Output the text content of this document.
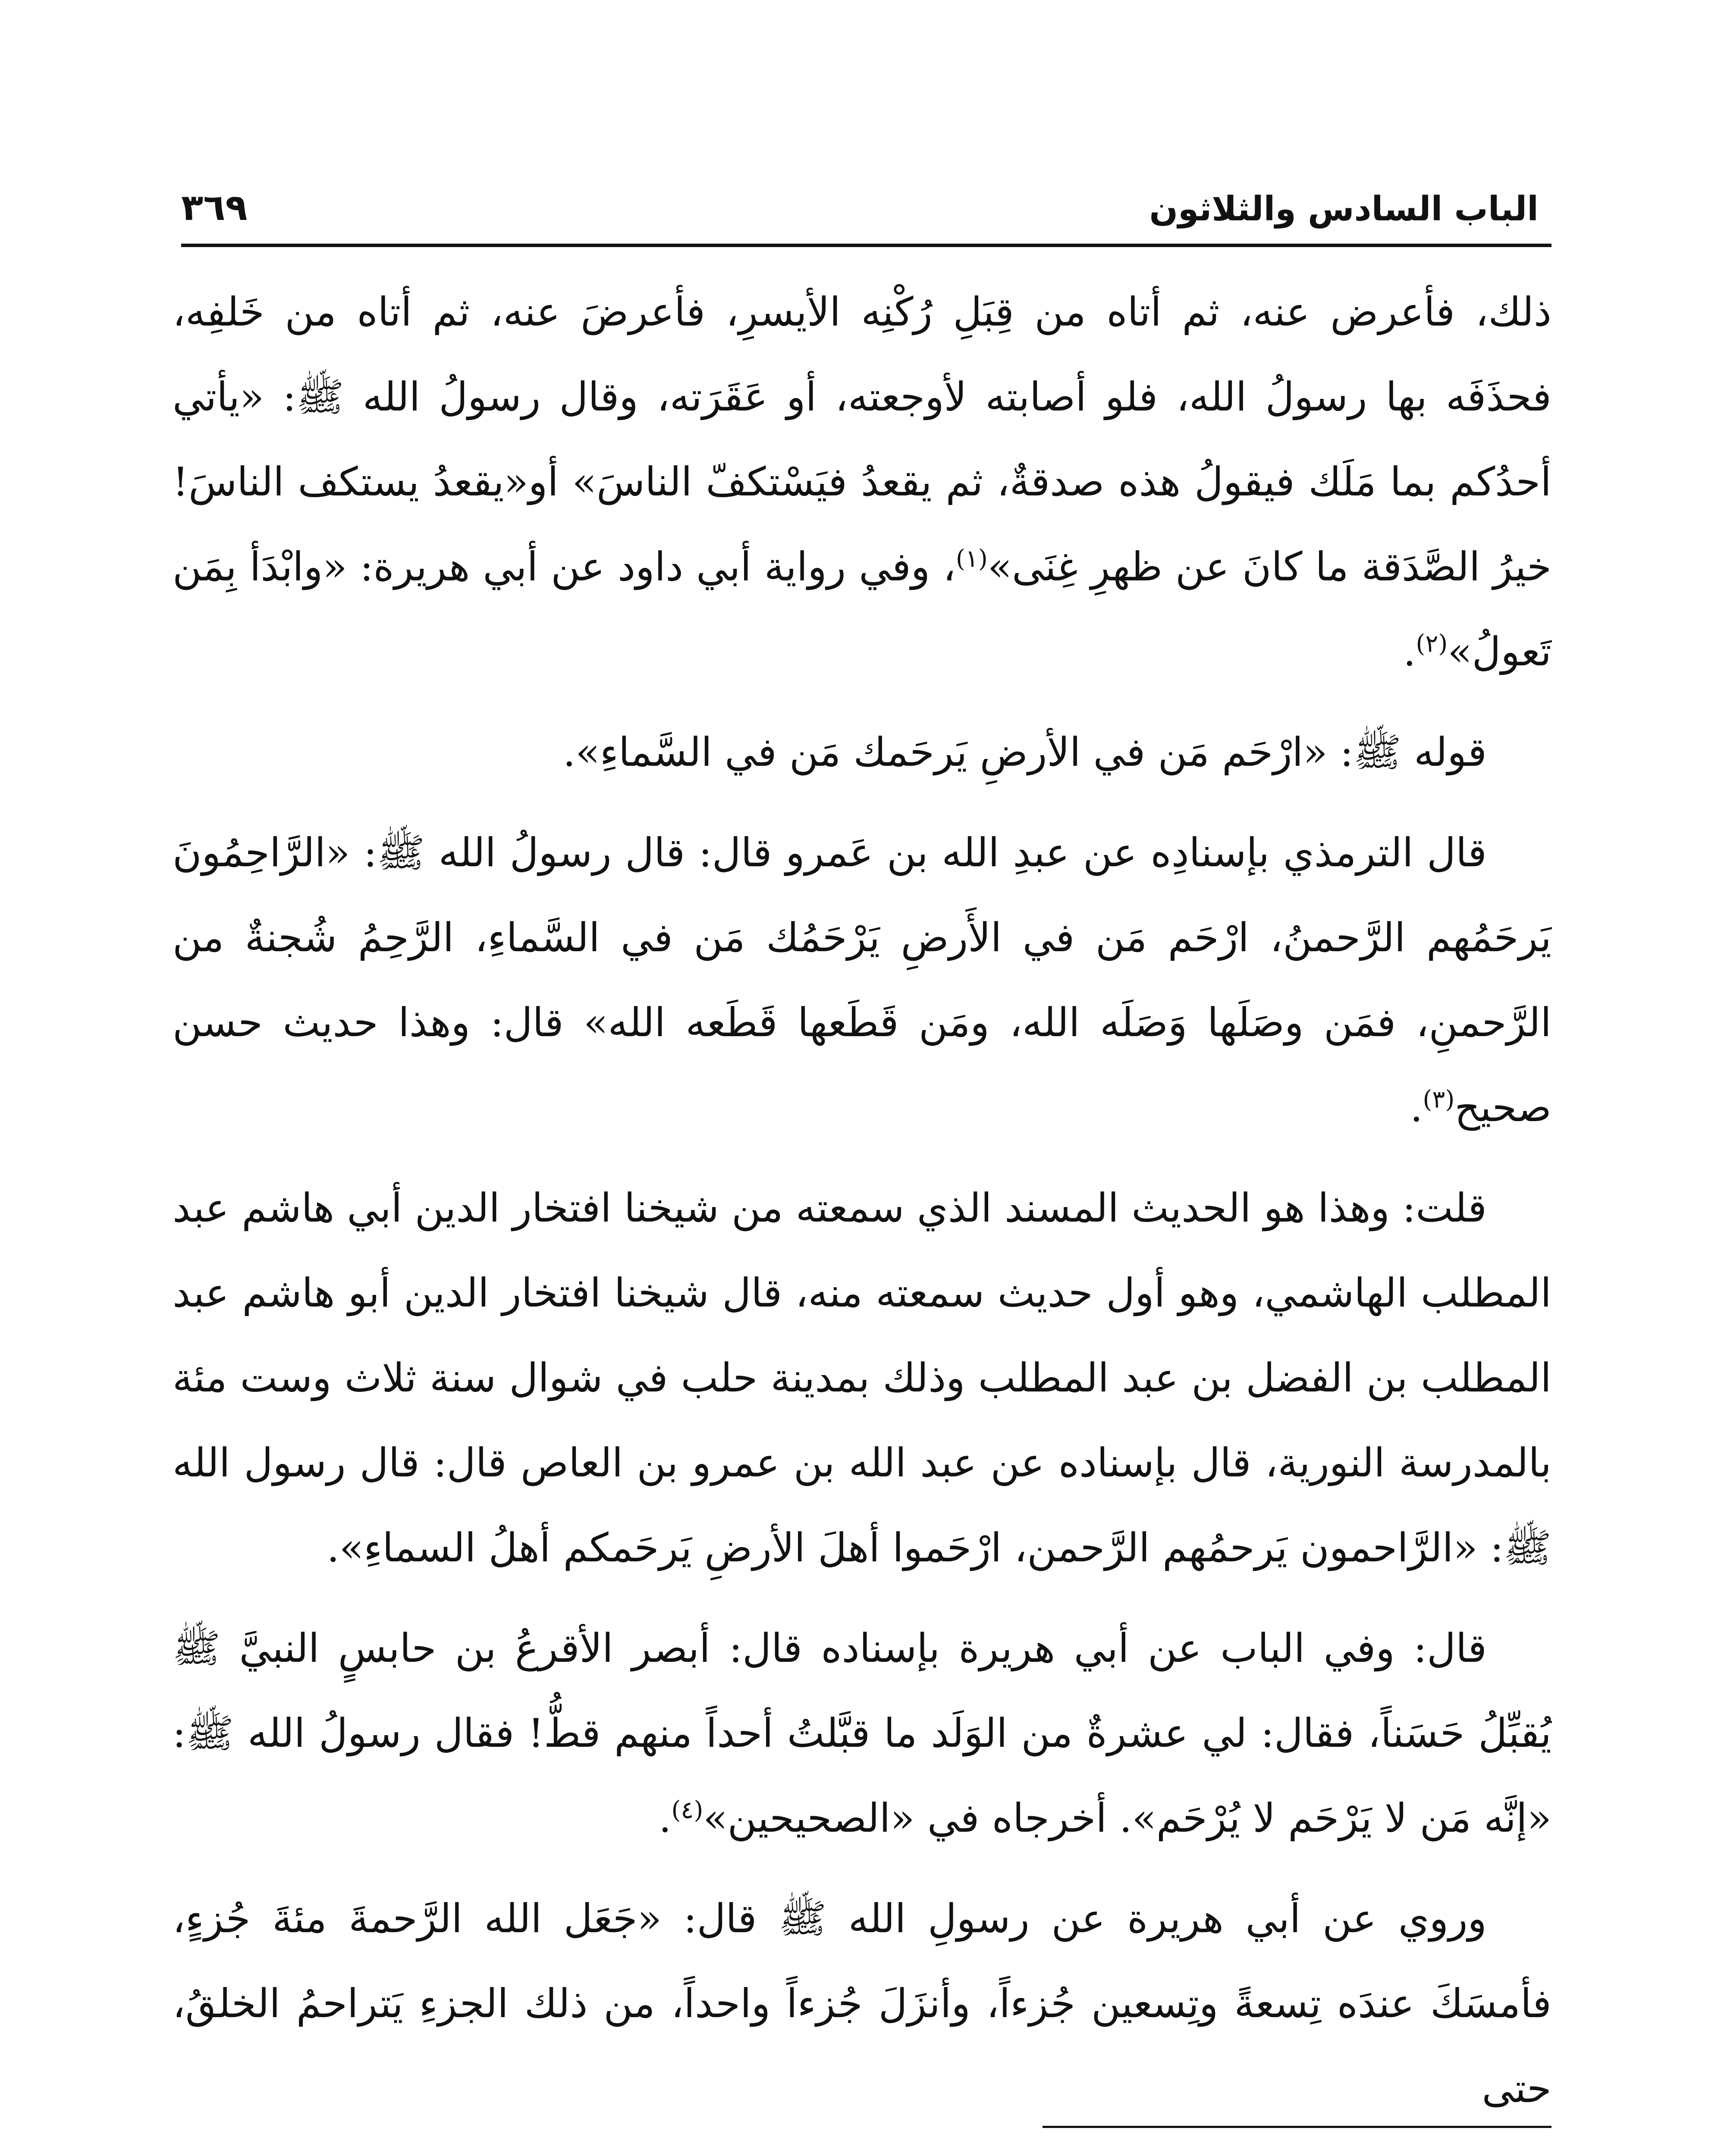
الباب السادس والثلاثون
٣٦٩

ذلك، فأعرض عنه، ثم أتاه من قِبَلِ رُكْنِه الأيسرِ، فأعرضَ عنه، ثم أتاه من خَلفِه، فحذَفَه بها رسولُ الله، فلو أصابته لأوجعته، أو عَقَرَته، وقال رسولُ الله ﷺ: «يأتي أحدُكم بما مَلَك فيقولُ هذه صدقةٌ، ثم يقعدُ فيَسْتكفّ الناسَ» أو«يقعدُ يستكف الناسَ! خيرُ الصَّدَقة ما كانَ عن ظهرِ غِنَى»$^{(١)}$، وفي رواية أبي داود عن أبي هريرة: «وابْدَأ بِمَن تَعولُ»$^{(٢)}$.

قوله ﷺ: «ارْحَم مَن في الأرضِ يَرحَمك مَن في السَّماءِ».

قال الترمذي بإسنادِه عن عبدِ الله بن عَمرو قال: قال رسولُ الله ﷺ: «الرَّاحِمُونَ يَرحَمُهم الرَّحمنُ، ارْحَم مَن في الأَرضِ يَرْحَمُك مَن في السَّماءِ، الرَّحِمُ شُجنةٌ من الرَّحمنِ، فمَن وصَلَها وَصَلَه الله، ومَن قَطَعها قَطَعه الله» قال: وهذا حديث حسن صحيح$^{(٣)}$.

قلت: وهذا هو الحديث المسند الذي سمعته من شيخنا افتخار الدين أبي هاشم عبد المطلب الهاشمي، وهو أول حديث سمعته منه، قال شيخنا افتخار الدين أبو هاشم عبد المطلب بن الفضل بن عبد المطلب وذلك بمدينة حلب في شوال سنة ثلاث وست مئة بالمدرسة النورية، قال بإسناده عن عبد الله بن عمرو بن العاص قال: قال رسول الله ﷺ: «الرَّاحمون يَرحمُهم الرَّحمن، ارْحَموا أهلَ الأرضِ يَرحَمكم أهلُ السماءِ».

قال: وفي الباب عن أبي هريرة بإسناده قال: أبصر الأقرعُ بن حابسٍ النبيَّ ﷺ يُقبِّلُ حَسَناً، فقال: لي عشرةٌ من الوَلَد ما قبَّلتُ أحداً منهم قطُّ! فقال رسولُ الله ﷺ: «إنَّه مَن لا يَرْحَم لا يُرْحَم». أخرجاه في «الصحيحين»$^{(٤)}$.

وروي عن أبي هريرة عن رسولِ الله ﷺ قال: «جَعَل الله الرَّحمةَ مئةَ جُزءٍ، فأمسَكَ عندَه تِسعةً وتِسعين جُزءاً، وأنزَلَ جُزءاً واحداً، من ذلك الجزءِ يَتراحمُ الخلقُ، حتى
